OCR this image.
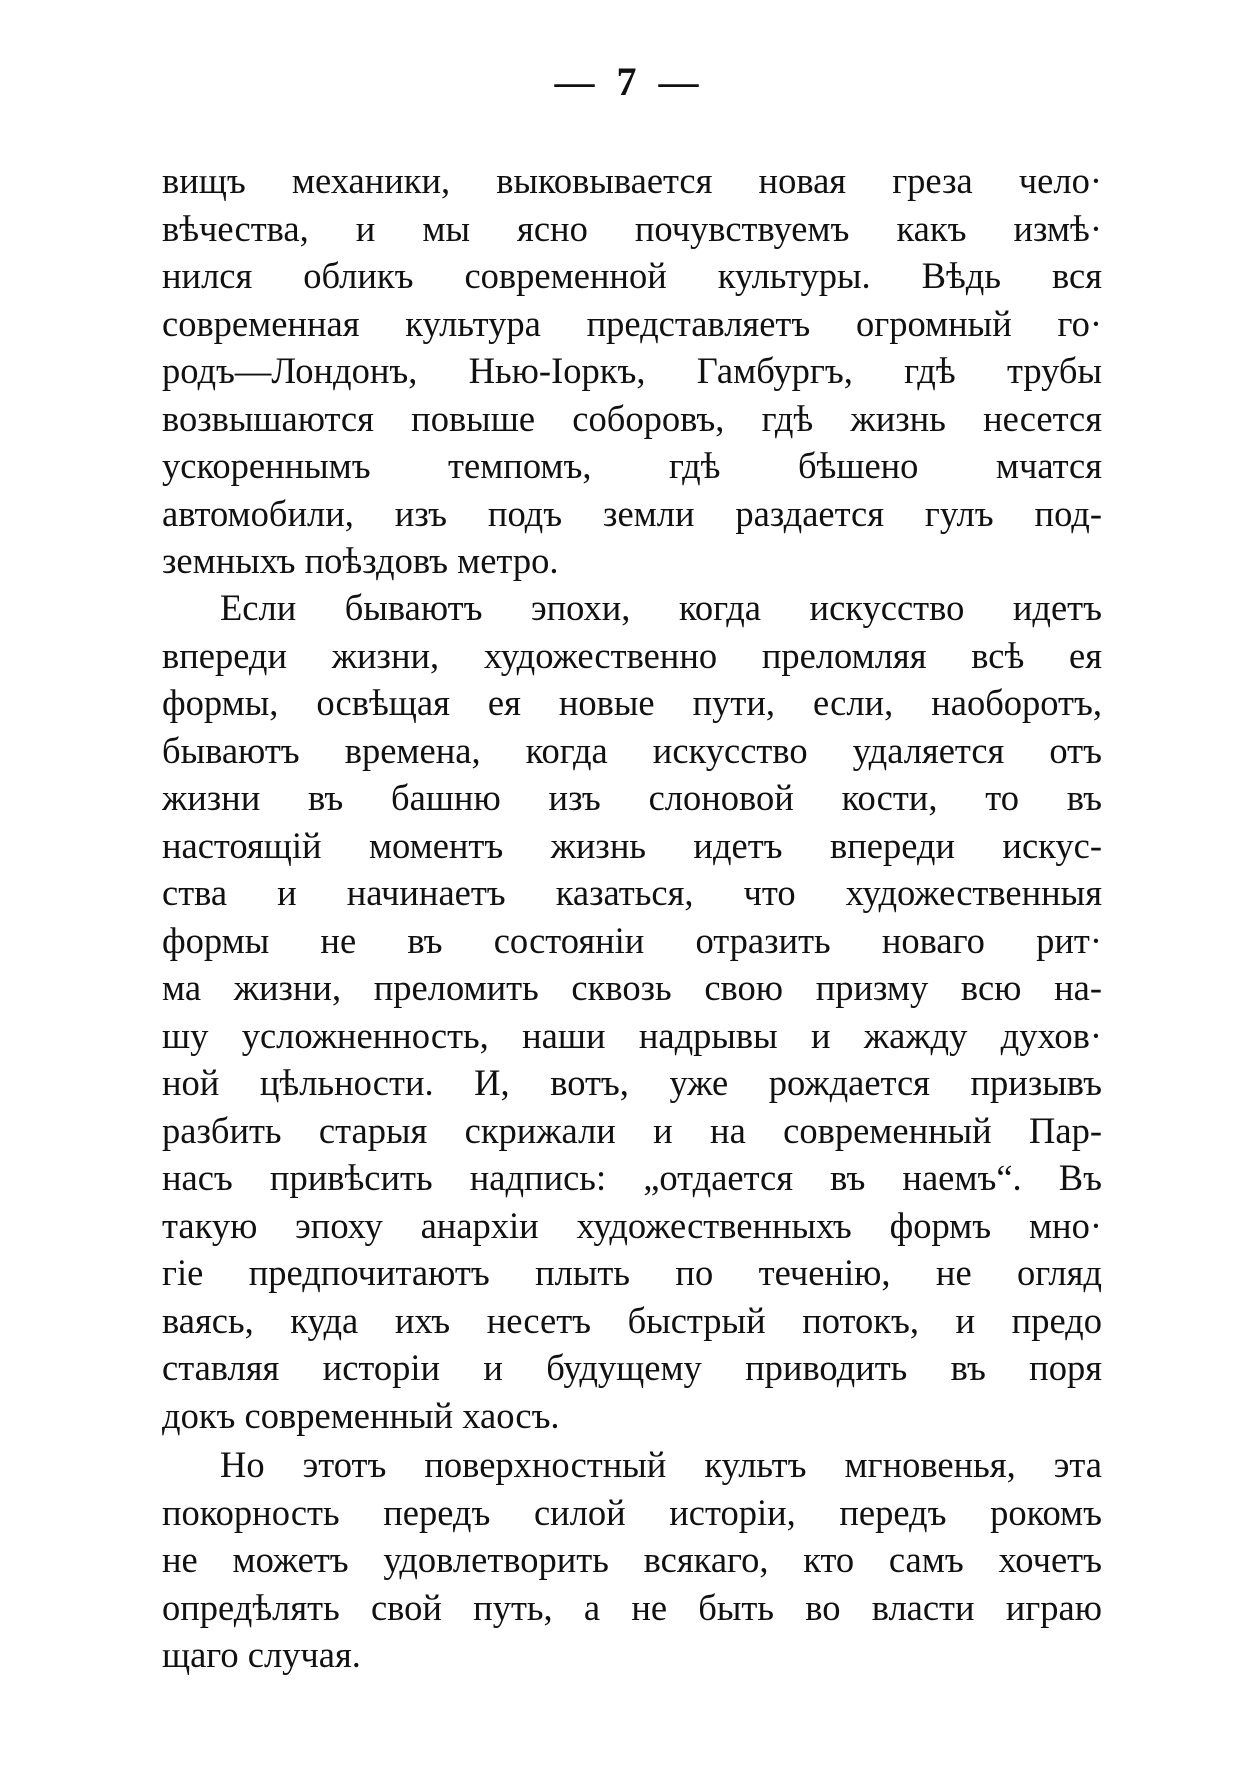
— 7 —
вищъ механики, выковывается новая греза чело·
вѣчества, и мы ясно почувствуемъ какъ измѣ·
нился обликъ современной культуры. Вѣдь вся
современная культура представляетъ огромный го·
родъ—Лондонъ, Нью-Iоркъ, Гамбургъ, гдѣ трубы
возвышаются повыше соборовъ, гдѣ жизнь несется
ускореннымъ темпомъ, гдѣ бѣшено мчатся
автомобили, изъ подъ земли раздается гулъ под-
земныхъ поѣздовъ метро.
Если бываютъ эпохи, когда искусство идетъ
впереди жизни, художественно преломляя всѣ ея
формы, освѣщая ея новые пути, если, наоборотъ,
бываютъ времена, когда искусство удаляется отъ
жизни въ башню изъ слоновой кости, то въ
настоящiй моментъ жизнь идетъ впереди искус-
ства и начинаетъ казаться, что художественныя
формы не въ состоянiи отразить новаго рит·
ма жизни, преломить сквозь свою призму всю на-
шу усложненность, наши надрывы и жажду духов·
ной цѣльности. И, вотъ, уже рождается призывъ
разбить старыя скрижали и на современный Пар-
насъ привѣсить надпись: „отдается въ наемъ“. Въ
такую эпоху анархiи художественныхъ формъ мно·
гiе предпочитаютъ плыть по теченiю, не огляд
ваясь, куда ихъ несетъ быстрый потокъ, и предо
ставляя исторiи и будущему приводить въ поря
докъ современный хаосъ.
Но этотъ поверхностный культъ мгновенья, эта
покорность передъ силой исторiи, передъ рокомъ
не можетъ удовлетворить всякаго, кто самъ хочетъ
опредѣлять свой путь, а не быть во власти играю
щаго случая.
